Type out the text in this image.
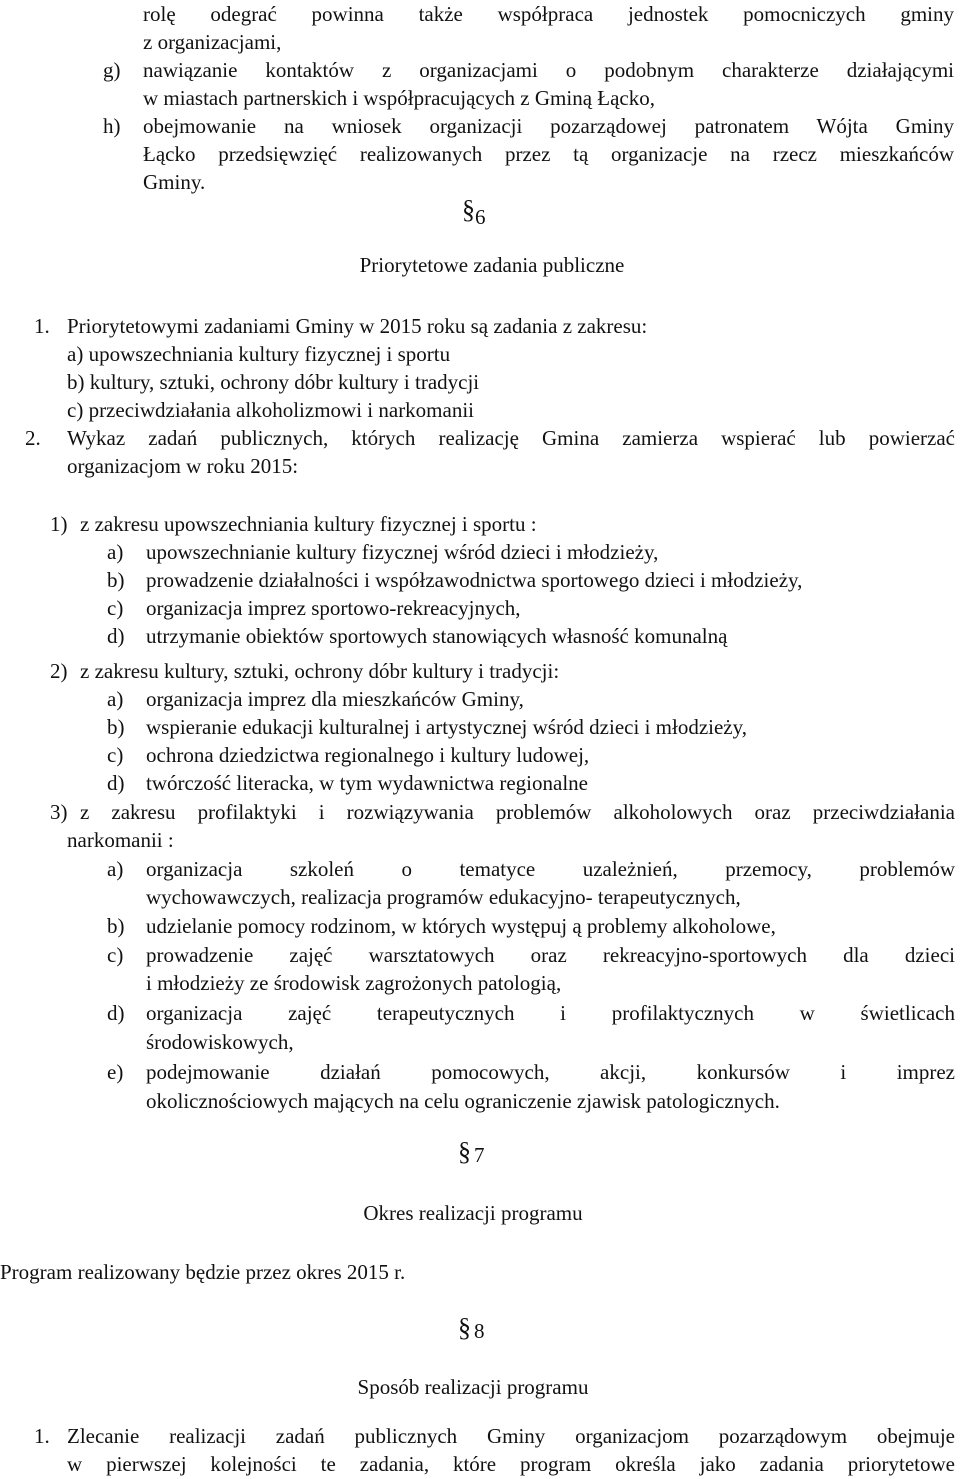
rolę odegrać powinna także współpraca jednostek pomocniczych gminy
z organizacjami,
g) nawiązanie kontaktów z organizacjami o podobnym charakterze działającymi
w miastach partnerskich i współpracujących z Gminą Łącko,
h) obejmowanie na wniosek organizacji pozarządowej patronatem Wójta Gminy
Łącko przedsięwzięć realizowanych przez tą organizacje na rzecz mieszkańców
Gminy.
§ 6
Priorytetowe zadania publiczne
1. Priorytetowymi zadaniami Gminy w 2015 roku są zadania z zakresu:
a) upowszechniania kultury fizycznej i sportu
b) kultury, sztuki, ochrony dóbr kultury i tradycji
c) przeciwdziałania alkoholizmowi i narkomanii
2. Wykaz zadań publicznych, których realizację Gmina zamierza wspierać lub powierzać
organizacjom w roku 2015:
1) z zakresu upowszechniania kultury fizycznej i sportu :
a) upowszechnianie kultury fizycznej wśród dzieci i młodzieży,
b) prowadzenie działalności i współzawodnictwa sportowego dzieci i młodzieży,
c) organizacja imprez sportowo-rekreacyjnych,
d) utrzymanie obiektów sportowych stanowiących własność komunalną
2) z zakresu kultury, sztuki, ochrony dóbr kultury i tradycji:
a) organizacja imprez dla mieszkańców Gminy,
b) wspieranie edukacji kulturalnej i artystycznej wśród dzieci i młodzieży,
c) ochrona dziedzictwa regionalnego i kultury ludowej,
d) twórczość literacka, w tym wydawnictwa regionalne
3) z zakresu profilaktyki i rozwiązywania problemów alkoholowych oraz przeciwdziałania
narkomanii :
a) organizacja szkoleń o tematyce uzależnień, przemocy, problemów
wychowawczych, realizacja programów edukacyjno- terapeutycznych,
b) udzielanie pomocy rodzinom, w których występuj ą problemy alkoholowe,
c) prowadzenie zajęć warsztatowych oraz rekreacyjno-sportowych dla dzieci
i młodzieży ze środowisk zagrożonych patologią,
d) organizacja zajęć terapeutycznych i profilaktycznych w świetlicach
środowiskowych,
e) podejmowanie działań pomocowych, akcji, konkursów i imprez
okolicznościowych mających na celu ograniczenie zjawisk patologicznych.
§ 7
Okres realizacji programu
Program realizowany będzie przez okres 2015 r.
§ 8
Sposób realizacji programu
1. Zlecanie realizacji zadań publicznych Gminy organizacjom pozarządowym obejmuje
w pierwszej kolejności te zadania, które program określa jako zadania priorytetowe
